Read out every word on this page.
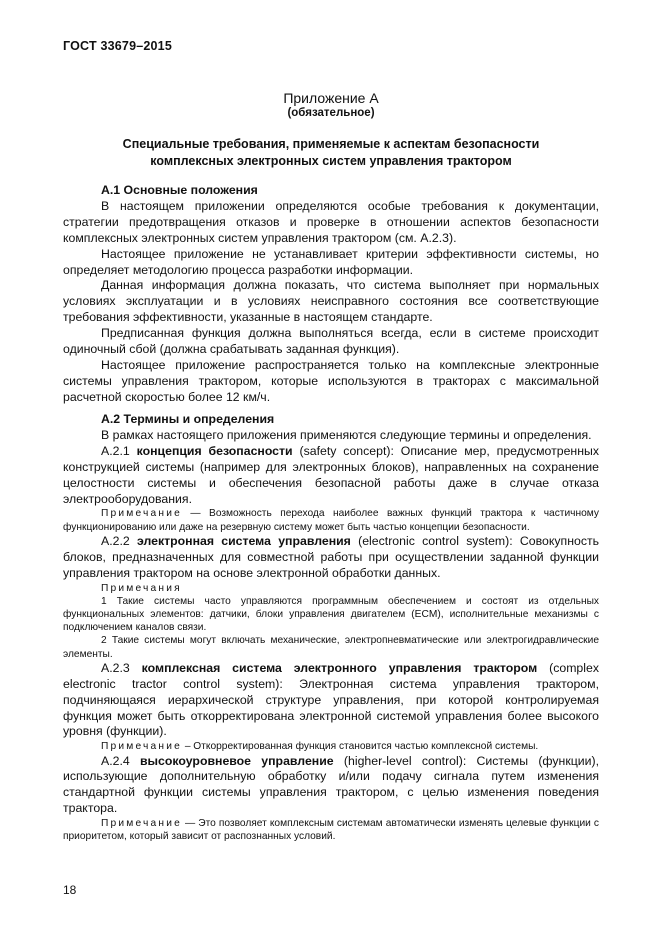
ГОСТ 33679–2015
Приложение А
(обязательное)
Специальные требования, применяемые к аспектам безопасности
комплексных электронных систем управления трактором

А.1 Основные положения

В настоящем приложении определяются особые требования к документации, стратегии предотвращения отказов и проверке в отношении аспектов безопасности комплексных электронных систем управления трактором (см. А.2.3).

Настоящее приложение не устанавливает критерии эффективности системы, но определяет методологию процесса разработки информации.

Данная информация должна показать, что система выполняет при нормальных условиях эксплуатации и в условиях неисправного состояния все соответствующие требования эффективности, указанные в настоящем стандарте.

Предписанная функция должна выполняться всегда, если в системе происходит одиночный сбой (должна срабатывать заданная функция).

Настоящее приложение распространяется только на комплексные электронные системы управления трактором, которые используются в тракторах с максимальной расчетной скоростью более 12 км/ч.

А.2 Термины и определения

В рамках настоящего приложения применяются следующие термины и определения.

А.2.1 концепция безопасности (safety concept): Описание мер, предусмотренных конструкцией системы (например для электронных блоков), направленных на сохранение целостности системы и обеспечения безопасной работы даже в случае отказа электрооборудования.

Примечание — Возможность перехода наиболее важных функций трактора к частичному функционированию или даже на резервную систему может быть частью концепции безопасности.

А.2.2 электронная система управления (electronic control system): Совокупность блоков, предназначенных для совместной работы при осуществлении заданной функции управления трактором на основе электронной обработки данных.

Примечания

1 Такие системы часто управляются программным обеспечением и состоят из отдельных функциональных элементов: датчики, блоки управления двигателем (ECM), исполнительные механизмы с подключением каналов связи.

2 Такие системы могут включать механические, электропневматические или электрогидравлические элементы.

А.2.3 комплексная система электронного управления трактором (complex electronic tractor control system): Электронная система управления трактором, подчиняющаяся иерархической структуре управления, при которой контролируемая функция может быть откорректирована электронной системой управления более высокого уровня (функции).

Примечание – Откорректированная функция становится частью комплексной системы.

А.2.4 высокоуровневое управление (higher-level control): Системы (функции), использующие дополнительную обработку и/или подачу сигнала путем изменения стандартной функции системы управления трактором, с целью изменения поведения трактора.

Примечание — Это позволяет комплексным системам автоматически изменять целевые функции с приоритетом, который зависит от распознанных условий.

18
